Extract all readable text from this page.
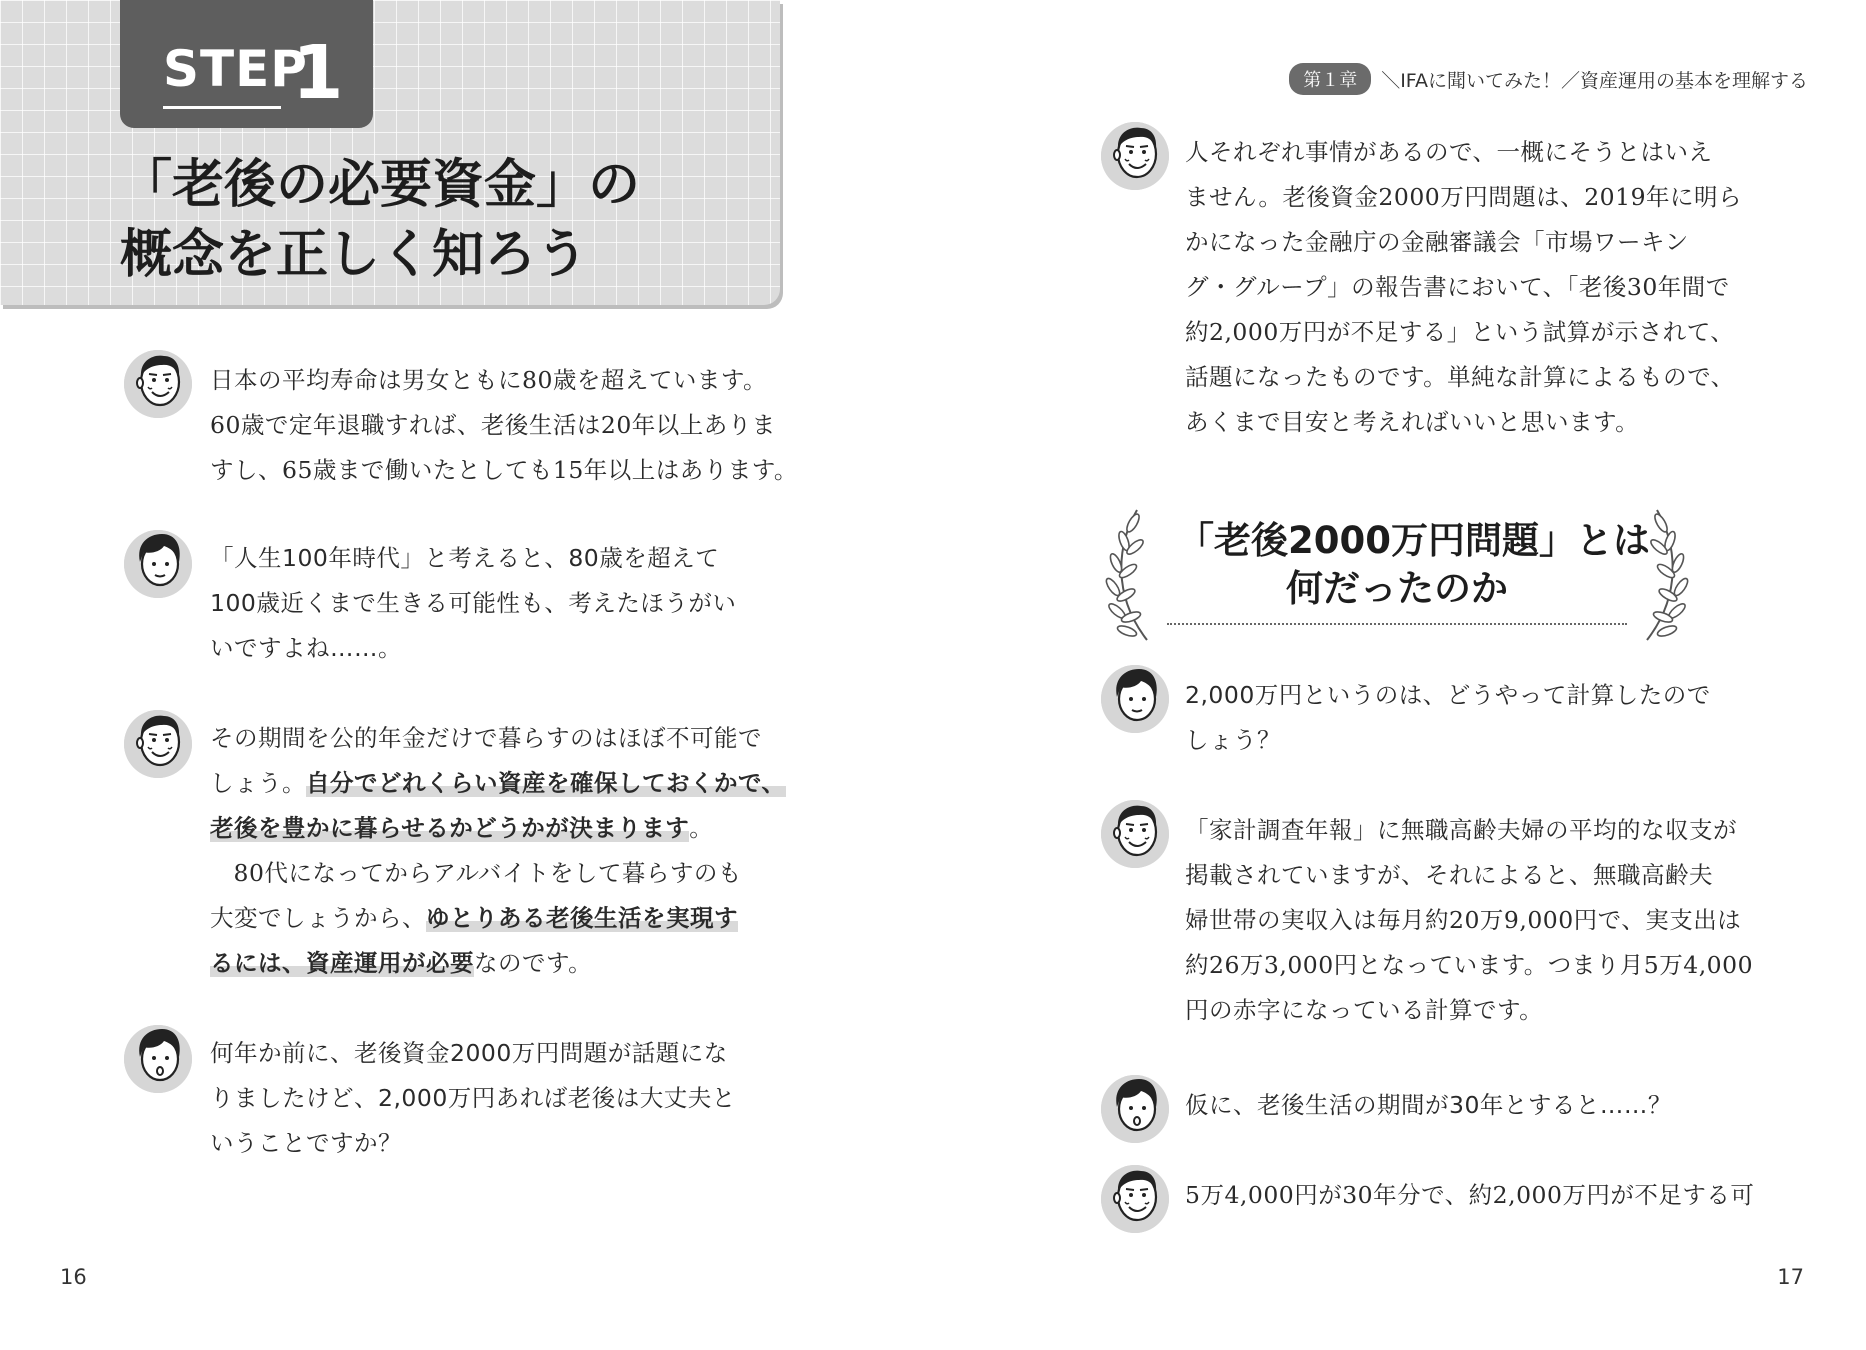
STEP
1
「老後の必要資金」の
概念を正しく知ろう

日本の平均寿命は男女ともに80歳を超えています。

60歳で定年退職すれば、老後生活は20年以上ありま

すし、65歳まで働いたとしても15年以上はあります。

「人生100年時代」と考えると、80歳を超えて

100歳近くまで生きる可能性も、考えたほうがい

いですよね……。

その期間を公的年金だけで暮らすのはほぼ不可能で

しょう。自分でどれくらい資産を確保しておくかで、

老後を豊かに暮らせるかどうかが決まります。

80代になってからアルバイトをして暮らすのも

大変でしょうから、ゆとりある老後生活を実現す

るには、資産運用が必要なのです。

何年か前に、老後資金2000万円問題が話題にな

りましたけど、2,000万円あれば老後は大丈夫と

いうことですか？

16
第１章	＼IFAに聞いてみた！／資産運用の基本を理解する

人それぞれ事情があるので、一概にそうとはいえ

ません。老後資金2000万円問題は、2019年に明ら

かになった金融庁の金融審議会「市場ワーキン

グ・グループ」の報告書において、「老後30年間で

約2,000万円が不足する」という試算が示されて、

話題になったものです。単純な計算によるもので、

あくまで目安と考えればいいと思います。

「老後2000万円問題」とは
何だったのか

2,000万円というのは、どうやって計算したので

しょう？

「家計調査年報」に無職高齢夫婦の平均的な収支が

掲載されていますが、それによると、無職高齢夫

婦世帯の実収入は毎月約20万9,000円で、実支出は

約26万3,000円となっています。つまり月5万4,000

円の赤字になっている計算です。

仮に、老後生活の期間が30年とすると……？

5万4,000円が30年分で、約2,000万円が不足する可

17
